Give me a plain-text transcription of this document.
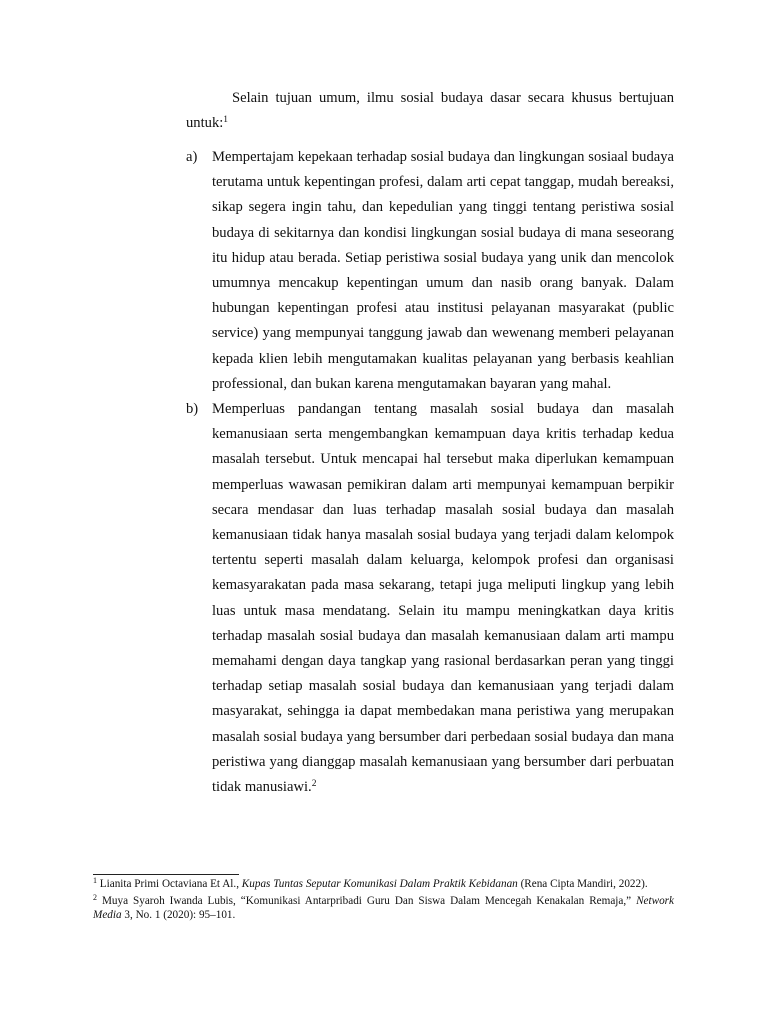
Selain tujuan umum, ilmu sosial budaya dasar secara khusus bertujuan untuk:$^1$

a) Mempertajam kepekaan terhadap sosial budaya dan lingkungan sosiaal budaya terutama untuk kepentingan profesi, dalam arti cepat tanggap, mudah bereaksi, sikap segera ingin tahu, dan kepedulian yang tinggi tentang peristiwa sosial budaya di sekitarnya dan kondisi lingkungan sosial budaya di mana seseorang itu hidup atau berada. Setiap peristiwa sosial budaya yang unik dan mencolok umumnya mencakup kepentingan umum dan nasib orang banyak. Dalam hubungan kepentingan profesi atau institusi pelayanan masyarakat (public service) yang mempunyai tanggung jawab dan wewenang memberi pelayanan kepada klien lebih mengutamakan kualitas pelayanan yang berbasis keahlian professional, dan bukan karena mengutamakan bayaran yang mahal.
b) Memperluas pandangan tentang masalah sosial budaya dan masalah kemanusiaan serta mengembangkan kemampuan daya kritis terhadap kedua masalah tersebut. Untuk mencapai hal tersebut maka diperlukan kemampuan memperluas wawasan pemikiran dalam arti mempunyai kemampuan berpikir secara mendasar dan luas terhadap masalah sosial budaya dan masalah kemanusiaan tidak hanya masalah sosial budaya yang terjadi dalam kelompok tertentu seperti masalah dalam keluarga, kelompok profesi dan organisasi kemasyarakatan pada masa sekarang, tetapi juga meliputi lingkup yang lebih luas untuk masa mendatang. Selain itu mampu meningkatkan daya kritis terhadap masalah sosial budaya dan masalah kemanusiaan dalam arti mampu memahami dengan daya tangkap yang rasional berdasarkan peran yang tinggi terhadap setiap masalah sosial budaya dan kemanusiaan yang terjadi dalam masyarakat, sehingga ia dapat membedakan mana peristiwa yang merupakan masalah sosial budaya yang bersumber dari perbedaan sosial budaya dan mana peristiwa yang dianggap masalah kemanusiaan yang bersumber dari perbuatan tidak manusiawi.$^2$

$^1$ Lianita Primi Octaviana Et Al., Kupas Tuntas Seputar Komunikasi Dalam Praktik Kebidanan (Rena Cipta Mandiri, 2022).

$^2$ Muya Syaroh Iwanda Lubis, “Komunikasi Antarpribadi Guru Dan Siswa Dalam Mencegah Kenakalan Remaja,” Network Media 3, No. 1 (2020): 95–101.
